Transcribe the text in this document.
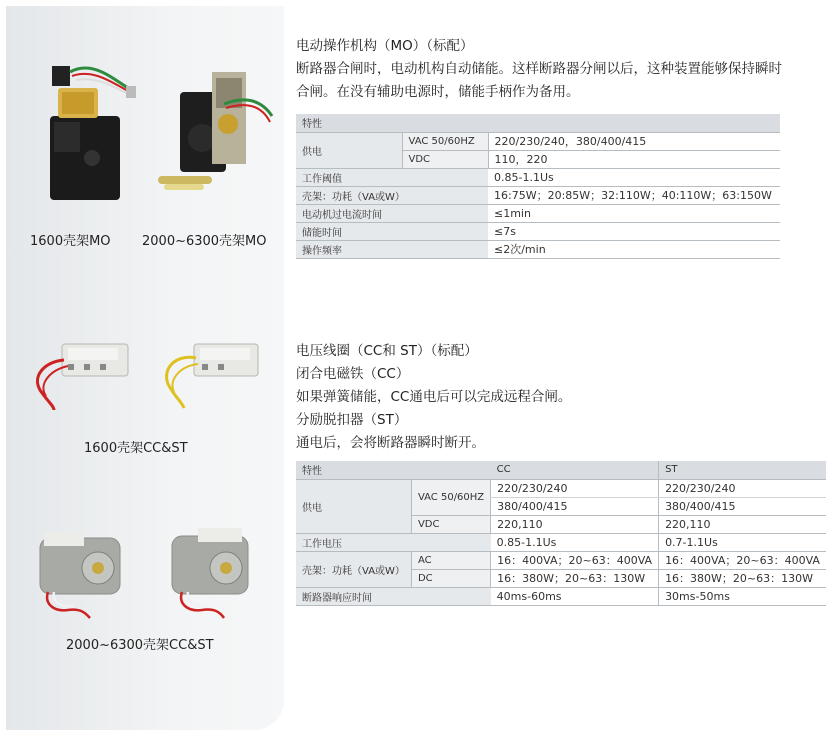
1600壳架MO 2000~6300壳架MO
1600壳架CC&ST
2000~6300壳架CC&ST
电动操作机构（MO）（标配）
断路器合闸时，电动机构自动储能。这样断路器分闸以后，这种装置能够保持瞬时
合闸。在没有辅助电源时，储能手柄作为备用。
特性		
供电	VAC 50/60HZ	220/230/240，380/400/415
	VDC	110，220
工作阈值		0.85-1.1Us
壳架：功耗（VA或W）		16:75W；20:85W；32:110W；40:110W；63:150W
电动机过电流时间		≤1min
储能时间		≤7s
操作频率		≤2次/min
电压线圈（CC和 ST）（标配）
闭合电磁铁（CC）
如果弹簧储能，CC通电后可以完成远程合闸。
分励脱扣器（ST）
通电后，会将断路器瞬时断开。
特性		CC	ST
供电	VAC 50/60HZ	220/230/240	220/230/240
		380/400/415	380/400/415
	VDC	220,110	220,110
工作电压		0.85-1.1Us	0.7-1.1Us
壳架：功耗（VA或W）	AC	16：400VA；20~63：400VA	16：400VA；20~63：400VA
	DC	16：380W；20~63：130W	16：380W；20~63：130W
断路器响应时间		40ms-60ms	30ms-50ms
